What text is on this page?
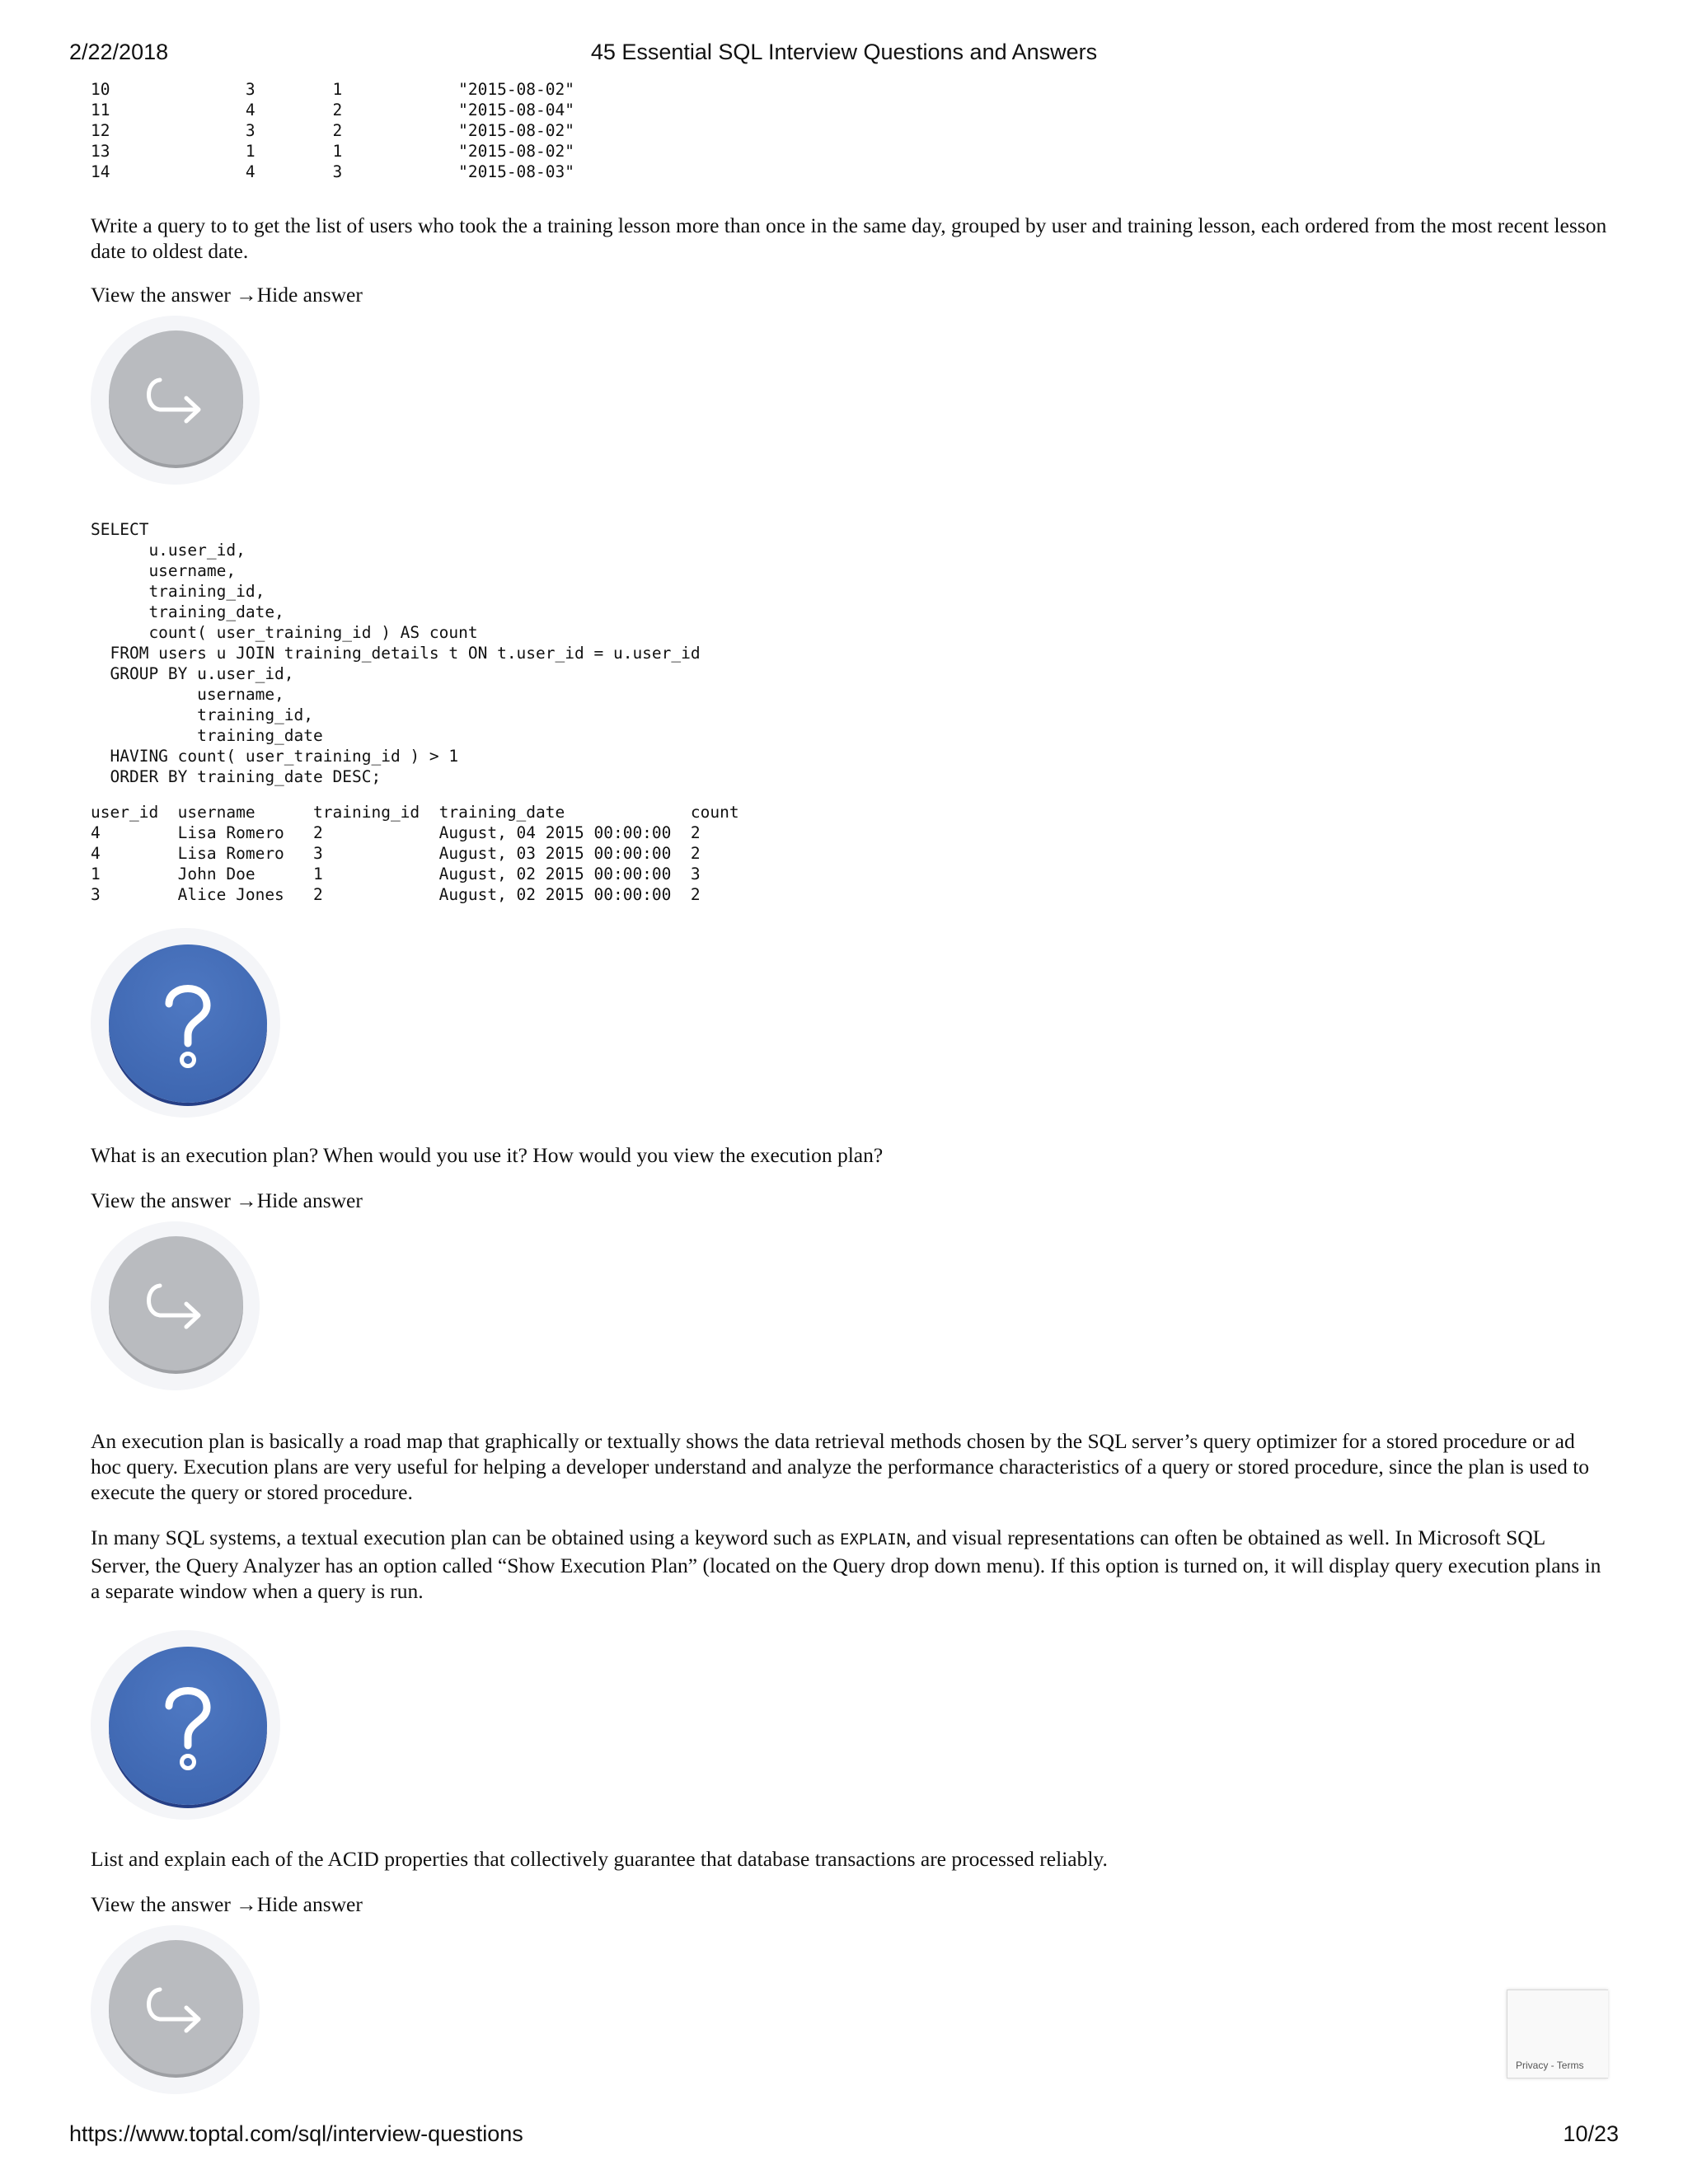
2/22/2018	45 Essential SQL Interview Questions and Answers
10              3        1            "2015-08-02"
11              4        2            "2015-08-04"
12              3        2            "2015-08-02"
13              1        1            "2015-08-02"
14              4        3            "2015-08-03"

Write a query to to get the list of users who took the a training lesson more than once in the same day, grouped by user and training lesson, each ordered from the most recent lesson date to oldest date.

View the answer →Hide answer
SELECT
u.user_id,
username,
training_id,
training_date,
count( user_training_id ) AS count
FROM users u JOIN training_details t ON t.user_id = u.user_id
GROUP BY u.user_id,
username,
training_id,
training_date
HAVING count( user_training_id ) > 1
ORDER BY training_date DESC;
user_id  username      training_id  training_date             count
4        Lisa Romero   2            August, 04 2015 00:00:00  2
4        Lisa Romero   3            August, 03 2015 00:00:00  2
1        John Doe      1            August, 02 2015 00:00:00  3
3        Alice Jones   2            August, 02 2015 00:00:00  2

What is an execution plan? When would you use it? How would you view the execution plan?

View the answer →Hide answer

An execution plan is basically a road map that graphically or textually shows the data retrieval methods chosen by the SQL server’s query optimizer for a stored procedure or ad hoc query. Execution plans are very useful for helping a developer understand and analyze the performance characteristics of a query or stored procedure, since the plan is used to execute the query or stored procedure.

In many SQL systems, a textual execution plan can be obtained using a keyword such as EXPLAIN, and visual representations can often be obtained as well. In Microsoft SQL Server, the Query Analyzer has an option called “Show Execution Plan” (located on the Query drop down menu). If this option is turned on, it will display query execution plans in a separate window when a query is run.

List and explain each of the ACID properties that collectively guarantee that database transactions are processed reliably.

View the answer →Hide answer
Privacy - Terms
https://www.toptal.com/sql/interview-questions	10/23
